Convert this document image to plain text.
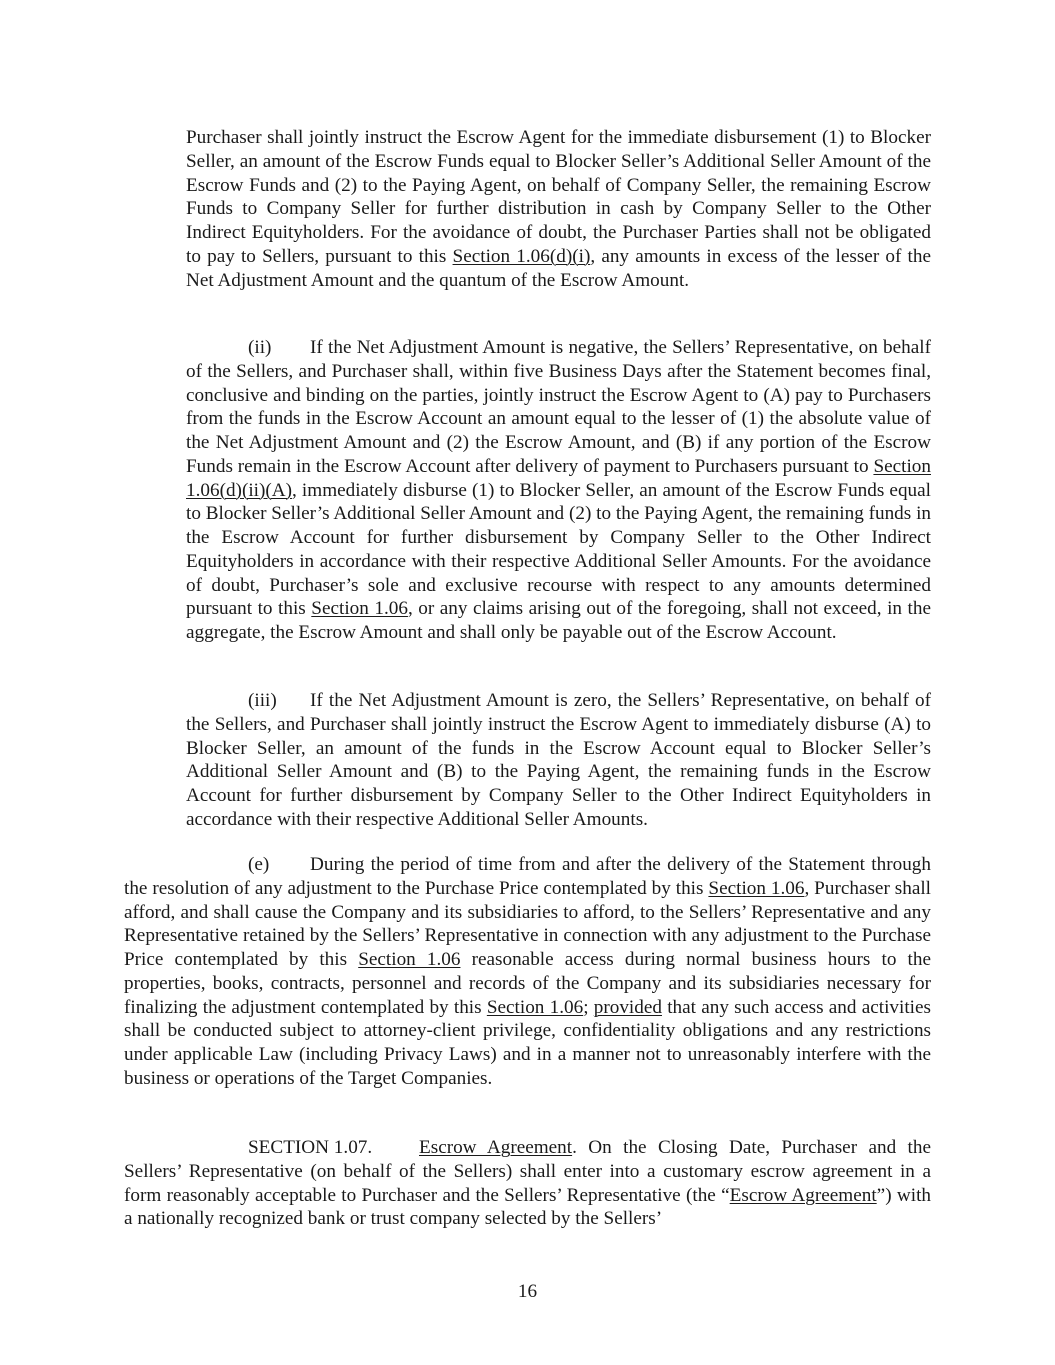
Purchaser shall jointly instruct the Escrow Agent for the immediate disbursement (1) to Blocker Seller, an amount of the Escrow Funds equal to Blocker Seller’s Additional Seller Amount of the Escrow Funds and (2) to the Paying Agent, on behalf of Company Seller, the remaining Escrow Funds to Company Seller for further distribution in cash by Company Seller to the Other Indirect Equityholders. For the avoidance of doubt, the Purchaser Parties shall not be obligated to pay to Sellers, pursuant to this Section 1.06(d)(i), any amounts in excess of the lesser of the Net Adjustment Amount and the quantum of the Escrow Amount.

(ii) If the Net Adjustment Amount is negative, the Sellers’ Representative, on behalf of the Sellers, and Purchaser shall, within five Business Days after the Statement becomes final, conclusive and binding on the parties, jointly instruct the Escrow Agent to (A) pay to Purchasers from the funds in the Escrow Account an amount equal to the lesser of (1) the absolute value of the Net Adjustment Amount and (2) the Escrow Amount, and (B) if any portion of the Escrow Funds remain in the Escrow Account after delivery of payment to Purchasers pursuant to Section 1.06(d)(ii)(A), immediately disburse (1) to Blocker Seller, an amount of the Escrow Funds equal to Blocker Seller’s Additional Seller Amount and (2) to the Paying Agent, the remaining funds in the Escrow Account for further disbursement by Company Seller to the Other Indirect Equityholders in accordance with their respective Additional Seller Amounts. For the avoidance of doubt, Purchaser’s sole and exclusive recourse with respect to any amounts determined pursuant to this Section 1.06, or any claims arising out of the foregoing, shall not exceed, in the aggregate, the Escrow Amount and shall only be payable out of the Escrow Account.

(iii) If the Net Adjustment Amount is zero, the Sellers’ Representative, on behalf of the Sellers, and Purchaser shall jointly instruct the Escrow Agent to immediately disburse (A) to Blocker Seller, an amount of the funds in the Escrow Account equal to Blocker Seller’s Additional Seller Amount and (B) to the Paying Agent, the remaining funds in the Escrow Account for further disbursement by Company Seller to the Other Indirect Equityholders in accordance with their respective Additional Seller Amounts.

(e) During the period of time from and after the delivery of the Statement through the resolution of any adjustment to the Purchase Price contemplated by this Section 1.06, Purchaser shall afford, and shall cause the Company and its subsidiaries to afford, to the Sellers’ Representative and any Representative retained by the Sellers’ Representative in connection with any adjustment to the Purchase Price contemplated by this Section 1.06 reasonable access during normal business hours to the properties, books, contracts, personnel and records of the Company and its subsidiaries necessary for finalizing the adjustment contemplated by this Section 1.06; provided that any such access and activities shall be conducted subject to attorney-client privilege, confidentiality obligations and any restrictions under applicable Law (including Privacy Laws) and in a manner not to unreasonably interfere with the business or operations of the Target Companies.

SECTION 1.07. Escrow Agreement. On the Closing Date, Purchaser and the Sellers’ Representative (on behalf of the Sellers) shall enter into a customary escrow agreement in a form reasonably acceptable to Purchaser and the Sellers’ Representative (the “Escrow Agreement”) with a nationally recognized bank or trust company selected by the Sellers’

16
